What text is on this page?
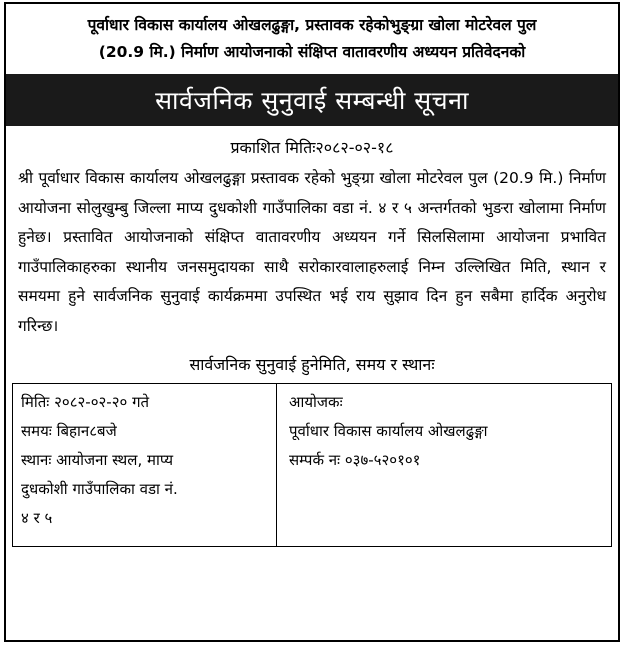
पूर्वाधार विकास कार्यालय ओखलढुङ्गा, प्रस्तावक रहेकोभुङ्ग्रा खोला मोटरेवल पुल
(20.9 मि.) निर्माण आयोजनाको संक्षिप्त वातावरणीय अध्ययन प्रतिवेदनको
सार्वजनिक सुनुवाई सम्बन्धी सूचना
प्रकाशित मितिः२०८२-०२-१८
श्री पूर्वाधार विकास कार्यालय ओखलढुङ्गा प्रस्तावक रहेको भुङ्ग्रा खोला मोटरेवल पुल (20.9 मि.) निर्माण आयोजना सोलुखुम्बु जिल्ला माप्य दुधकोशी गाउँपालिका वडा नं. ४ र ५ अन्तर्गतको भुङरा खोलामा निर्माण हुनेछ। प्रस्तावित आयोजनाको संक्षिप्त वातावरणीय अध्ययन गर्ने सिलसिलामा आयोजना प्रभावित गाउँपालिकाहरुका स्थानीय जनसमुदायका साथै सरोकारवालाहरुलाई निम्न उल्लिखित मिति, स्थान र समयमा हुने सार्वजनिक सुनुवाई कार्यक्रममा उपस्थित भई राय सुझाव दिन हुन सबैमा हार्दिक अनुरोध गरिन्छ।
सार्वजनिक सुनुवाई हुनेमिति, समय र स्थानः
मितिः २०८२-०२-२० गते
समयः बिहान८बजे
स्थानः आयोजना स्थल, माप्य
दुधकोशी गाउँपालिका वडा नं.
४ र ५
आयोजकः
पूर्वाधार विकास कार्यालय ओखलढुङ्गा
सम्पर्क नः ०३७-५२०१०१
